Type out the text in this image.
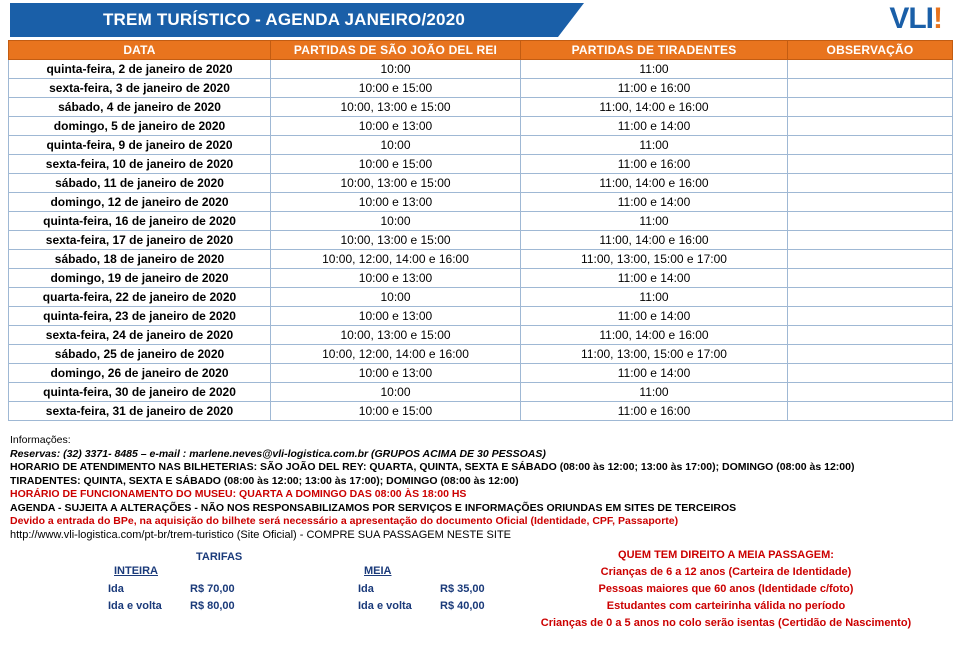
TREM TURÍSTICO - AGENDA JANEIRO/2020	VLI!
DATA	PARTIDAS DE SÃO JOÃO DEL REI	PARTIDAS DE TIRADENTES	OBSERVAÇÃO
quinta-feira, 2 de janeiro de 2020	10:00	11:00	
sexta-feira, 3 de janeiro de 2020	10:00 e 15:00	11:00 e 16:00	
sábado, 4 de janeiro de 2020	10:00, 13:00 e 15:00	11:00, 14:00 e 16:00	
domingo, 5 de janeiro de 2020	10:00 e 13:00	11:00 e 14:00	
quinta-feira, 9 de janeiro de 2020	10:00	11:00	
sexta-feira, 10 de janeiro de 2020	10:00 e 15:00	11:00 e 16:00	
sábado, 11 de janeiro de 2020	10:00, 13:00 e 15:00	11:00, 14:00 e 16:00	
domingo, 12 de janeiro de 2020	10:00 e 13:00	11:00 e 14:00	
quinta-feira, 16 de janeiro de 2020	10:00	11:00	
sexta-feira, 17 de janeiro de 2020	10:00, 13:00 e 15:00	11:00, 14:00 e 16:00	
sábado, 18 de janeiro de 2020	10:00, 12:00, 14:00 e 16:00	11:00, 13:00, 15:00 e 17:00	
domingo, 19 de janeiro de 2020	10:00 e 13:00	11:00 e 14:00	
quarta-feira, 22 de janeiro de 2020	10:00	11:00	
quinta-feira, 23 de janeiro de 2020	10:00 e 13:00	11:00 e 14:00	
sexta-feira, 24 de janeiro de 2020	10:00, 13:00 e 15:00	11:00, 14:00 e 16:00	
sábado, 25 de janeiro de 2020	10:00, 12:00, 14:00 e 16:00	11:00, 13:00, 15:00 e 17:00	
domingo, 26 de janeiro de 2020	10:00 e 13:00	11:00 e 14:00	
quinta-feira, 30 de janeiro de 2020	10:00	11:00	
sexta-feira, 31 de janeiro de 2020	10:00 e 15:00	11:00 e 16:00	
Informações:
Reservas: (32) 3371- 8485 – e-mail : marlene.neves@vli-logistica.com.br (GRUPOS ACIMA DE 30 PESSOAS)
HORARIO DE ATENDIMENTO NAS BILHETERIAS: SÃO JOÃO DEL REY: QUARTA, QUINTA, SEXTA E SÁBADO (08:00 às 12:00; 13:00 às 17:00); DOMINGO (08:00 às 12:00)
TIRADENTES: QUINTA, SEXTA E SÁBADO (08:00 às 12:00; 13:00 às 17:00); DOMINGO (08:00 às 12:00)
HORÁRIO DE FUNCIONAMENTO DO MUSEU: QUARTA A DOMINGO DAS 08:00 ÀS 18:00 HS
AGENDA - SUJEITA A ALTERAÇÕES - NÃO NOS RESPONSABILIZAMOS POR SERVIÇOS E INFORMAÇÕES ORIUNDAS EM SITES DE TERCEIROS
Devido a entrada do BPe, na aquisição do bilhete será necessário a apresentação do documento Oficial (Identidade, CPF, Passaporte)
http://www.vli-logistica.com/pt-br/trem-turistico (Site Oficial) - COMPRE SUA PASSAGEM NESTE SITE
TARIFAS
INTEIRA
Ida	R$ 70,00
Ida e volta	R$ 80,00
MEIA
Ida	R$ 35,00
Ida e volta	R$ 40,00
QUEM TEM DIREITO A MEIA PASSAGEM:
Crianças de 6 a 12 anos (Carteira de Identidade)
Pessoas maiores que 60 anos (Identidade c/foto)
Estudantes com carteirinha válida no período
Crianças de 0 a 5 anos no colo serão isentas (Certidão de Nascimento)
